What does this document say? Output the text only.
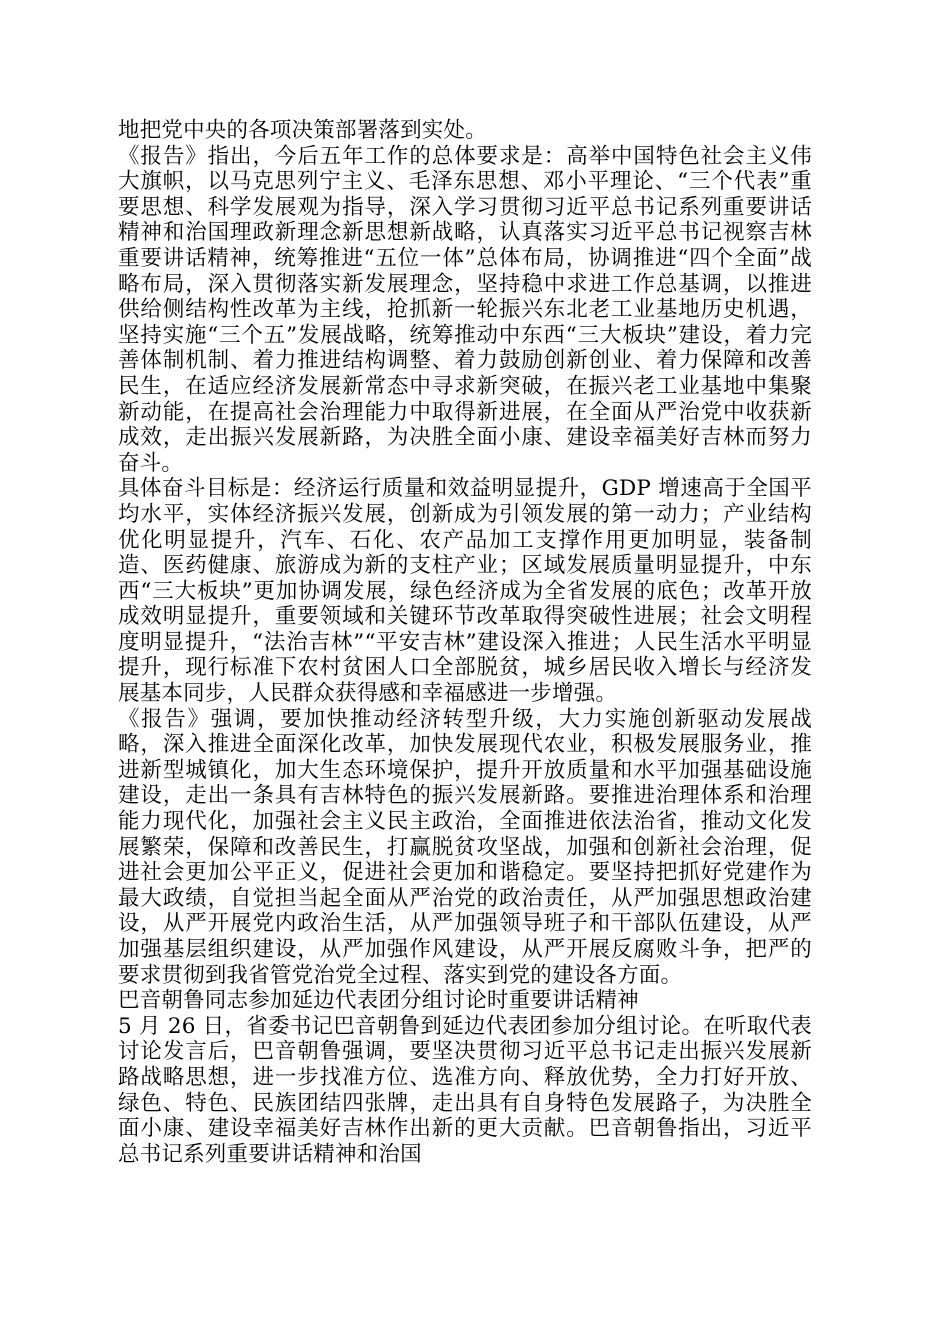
地把党中央的各项决策部署落到实处。

《报告》指出，今后五年工作的总体要求是：高举中国特色社会主义伟大旗帜，以马克思列宁主义、毛泽东思想、邓小平理论、“三个代表”重要思想、科学发展观为指导，深入学习贯彻习近平总书记系列重要讲话精神和治国理政新理念新思想新战略，认真落实习近平总书记视察吉林重要讲话精神，统筹推进“五位一体”总体布局，协调推进“四个全面”战略布局，深入贯彻落实新发展理念，坚持稳中求进工作总基调，以推进供给侧结构性改革为主线，抢抓新一轮振兴东北老工业基地历史机遇，坚持实施“三个五”发展战略，统筹推动中东西“三大板块”建设，着力完善体制机制、着力推进结构调整、着力鼓励创新创业、着力保障和改善民生，在适应经济发展新常态中寻求新突破，在振兴老工业基地中集聚新动能，在提高社会治理能力中取得新进展，在全面从严治党中收获新成效，走出振兴发展新路，为决胜全面小康、建设幸福美好吉林而努力奋斗。

具体奋斗目标是：经济运行质量和效益明显提升，GDP 增速高于全国平均水平，实体经济振兴发展，创新成为引领发展的第一动力；产业结构优化明显提升，汽车、石化、农产品加工支撑作用更加明显，装备制造、医药健康、旅游成为新的支柱产业；区域发展质量明显提升，中东西“三大板块”更加协调发展，绿色经济成为全省发展的底色；改革开放成效明显提升，重要领域和关键环节改革取得突破性进展；社会文明程度明显提升，“法治吉林”“平安吉林”建设深入推进；人民生活水平明显提升，现行标准下农村贫困人口全部脱贫，城乡居民收入增长与经济发展基本同步，人民群众获得感和幸福感进一步增强。

《报告》强调，要加快推动经济转型升级，大力实施创新驱动发展战略，深入推进全面深化改革，加快发展现代农业，积极发展服务业，推进新型城镇化，加大生态环境保护，提升开放质量和水平加强基础设施建设，走出一条具有吉林特色的振兴发展新路。要推进治理体系和治理能力现代化，加强社会主义民主政治，全面推进依法治省，推动文化发展繁荣，保障和改善民生，打赢脱贫攻坚战，加强和创新社会治理，促进社会更加公平正义，促进社会更加和谐稳定。要坚持把抓好党建作为最大政绩，自觉担当起全面从严治党的政治责任，从严加强思想政治建设，从严开展党内政治生活，从严加强领导班子和干部队伍建设，从严加强基层组织建设，从严加强作风建设，从严开展反腐败斗争，把严的要求贯彻到我省管党治党全过程、落实到党的建设各方面。

巴音朝鲁同志参加延边代表团分组讨论时重要讲话精神

5 月 26 日，省委书记巴音朝鲁到延边代表团参加分组讨论。在听取代表讨论发言后，巴音朝鲁强调，要坚决贯彻习近平总书记走出振兴发展新路战略思想，进一步找准方位、选准方向、释放优势，全力打好开放、绿色、特色、民族团结四张牌，走出具有自身特色发展路子，为决胜全面小康、建设幸福美好吉林作出新的更大贡献。巴音朝鲁指出，习近平总书记系列重要讲话精神和治国
